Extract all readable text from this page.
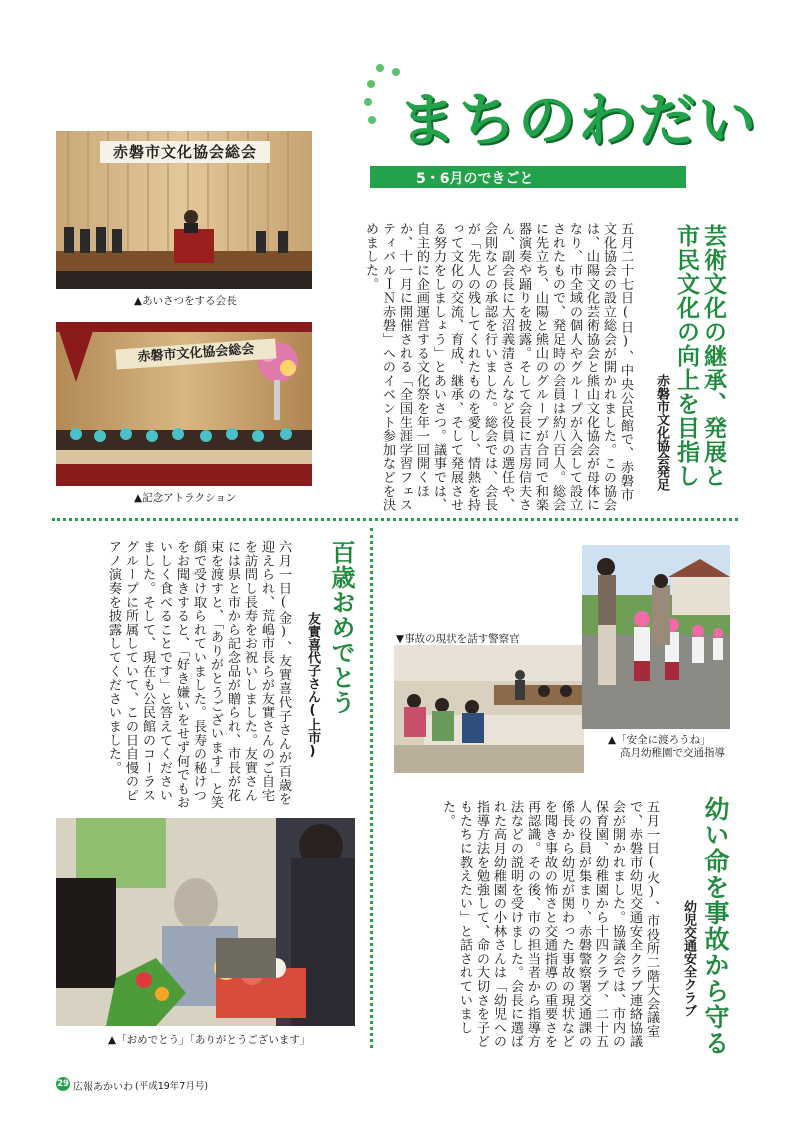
まちのわだい
5・6月のできごと
赤磐市文化協会総会
▲あいさつをする会長
赤磐市文化協会総会
▲記念アトラクション
芸術文化の継承、発展と
市民文化の向上を目指し
赤磐市文化協会発足
五月二十七日(日)、中央公民館で、赤磐市文化協会の設立総会が開かれました。この協会は、山陽文化芸術協会と熊山文化協会が母体になり、市全域の個人やグループが入会して設立されたもので、発足時の会員は約八百人。総会に先立ち、山陽と熊山のグループが合同で和楽器演奏や踊りを披露。そして会長に吉房信夫さん、副会長に大沼義清さんなど役員の選任や、会則などの承認を行いました。総会では、会長が「先人の残してくれたものを愛し、情熱を持って文化の交流、育成、継承、そして発展させる努力をしましょう」とあいさつ。議事では、自主的に企画運営する文化祭を年一回開くほか、十一月に開催される「全国生涯学習フェスティバルＩＮ赤磐」へのイベント参加などを決めました。
百歳おめでとう
友實喜代子さん(上市)
六月一日(金)、友實喜代子さんが百歳を迎えられ、荒嶋市長らが友實さんのご自宅を訪問し長寿をお祝いしました。友實さんには県と市から記念品が贈られ、市長が花束を渡すと、「ありがとうございます」と笑顔で受け取られていました。長寿の秘けつをお聞きすると、「好き嫌いをせず何でもおいしく食べることです」と答えてくださいました。そして、現在も公民館のコーラスグループに所属していて、この日自慢のピアノ演奏を披露してくださいました。
▲「おめでとう」「ありがとうございます」
▼事故の現状を話す警察官
▲「安全に渡ろうね」
高月幼稚園で交通指導
幼い命を事故から守る
幼児交通安全クラブ
五月一日(火)、市役所二階大会議室で、赤磐市幼児交通安全クラブ連絡協議会が開かれました。協議会では、市内の保育園、幼稚園から十四クラブ、二十五人の役員が集まり、赤磐警察署交通課の係長から幼児が関わった事故の現状などを聞き事故の怖さと交通指導の重要さを再認識。その後、市の担当者から指導方法などの説明を受けました。会長に選ばれた高月幼稚園の小林さんは「幼児への指導方法を勉強して、命の大切さを子どもたちに教えたい」と話されていました。
29 広報あかいわ (平成19年7月号)
